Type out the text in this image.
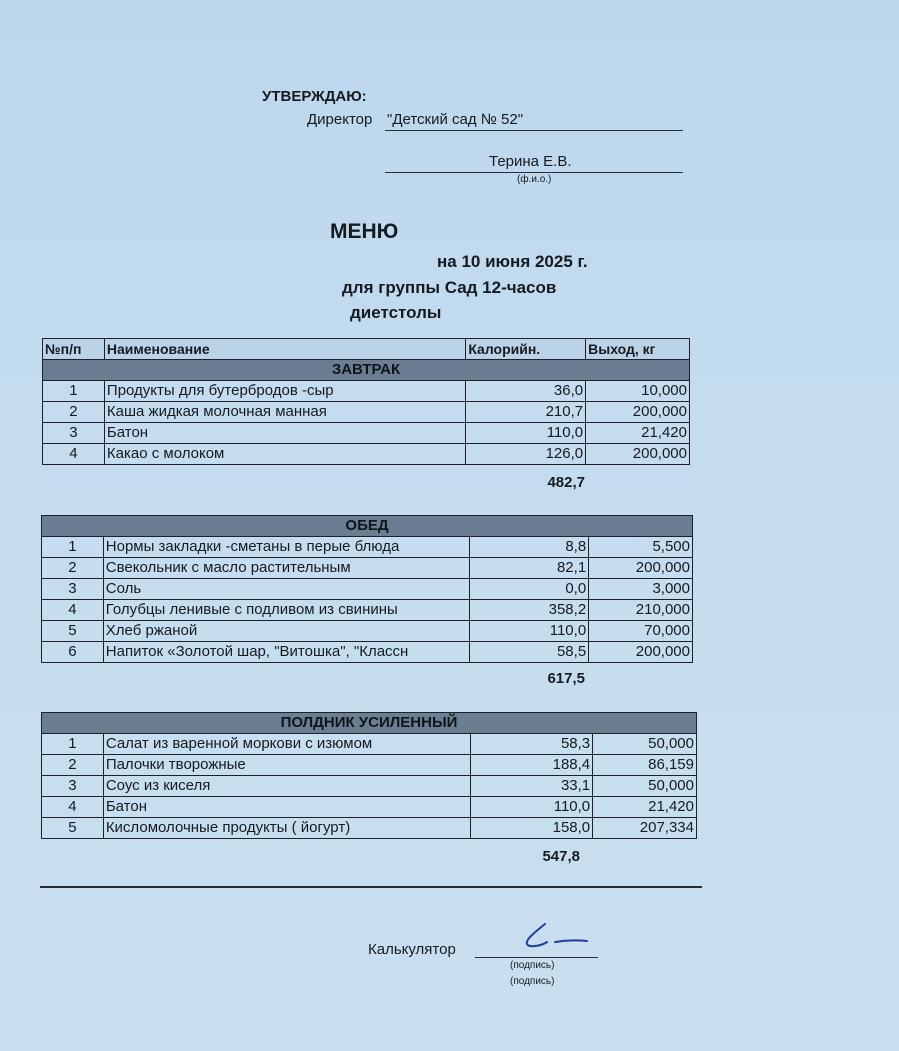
УТВЕРЖДАЮ:
Директор "Детский сад № 52"
Терина Е.В.
(ф.и.о.)
МЕНЮ
на 10 июня 2025 г.
для группы Сад 12-часов
диетстолы
№п/п	Наименование	Калорийн.	Выход, кг
ЗАВТРАК			
1	Продукты для бутербродов -сыр	36,0	10,000
2	Каша жидкая молочная манная	210,7	200,000
3	Батон	110,0	21,420
4	Какао с молоком	126,0	200,000
482,7
ОБЕД			
1	Нормы закладки -сметаны в перые блюда	8,8	5,500
2	Свекольник с масло растительным	82,1	200,000
3	Соль	0,0	3,000
4	Голубцы ленивые с подливом из свинины	358,2	210,000
5	Хлеб ржаной	110,0	70,000
6	Напиток «Золотой шар, "Витошка", "Классн	58,5	200,000
617,5
ПОЛДНИК УСИЛЕННЫЙ			
1	Салат из варенной моркови с изюмом	58,3	50,000
2	Палочки творожные	188,4	86,159
3	Соус из киселя	33,1	50,000
4	Батон	110,0	21,420
5	Кисломолочные продукты ( йогурт)	158,0	207,334
547,8
Калькулятор
(подпись)
(подпись)
